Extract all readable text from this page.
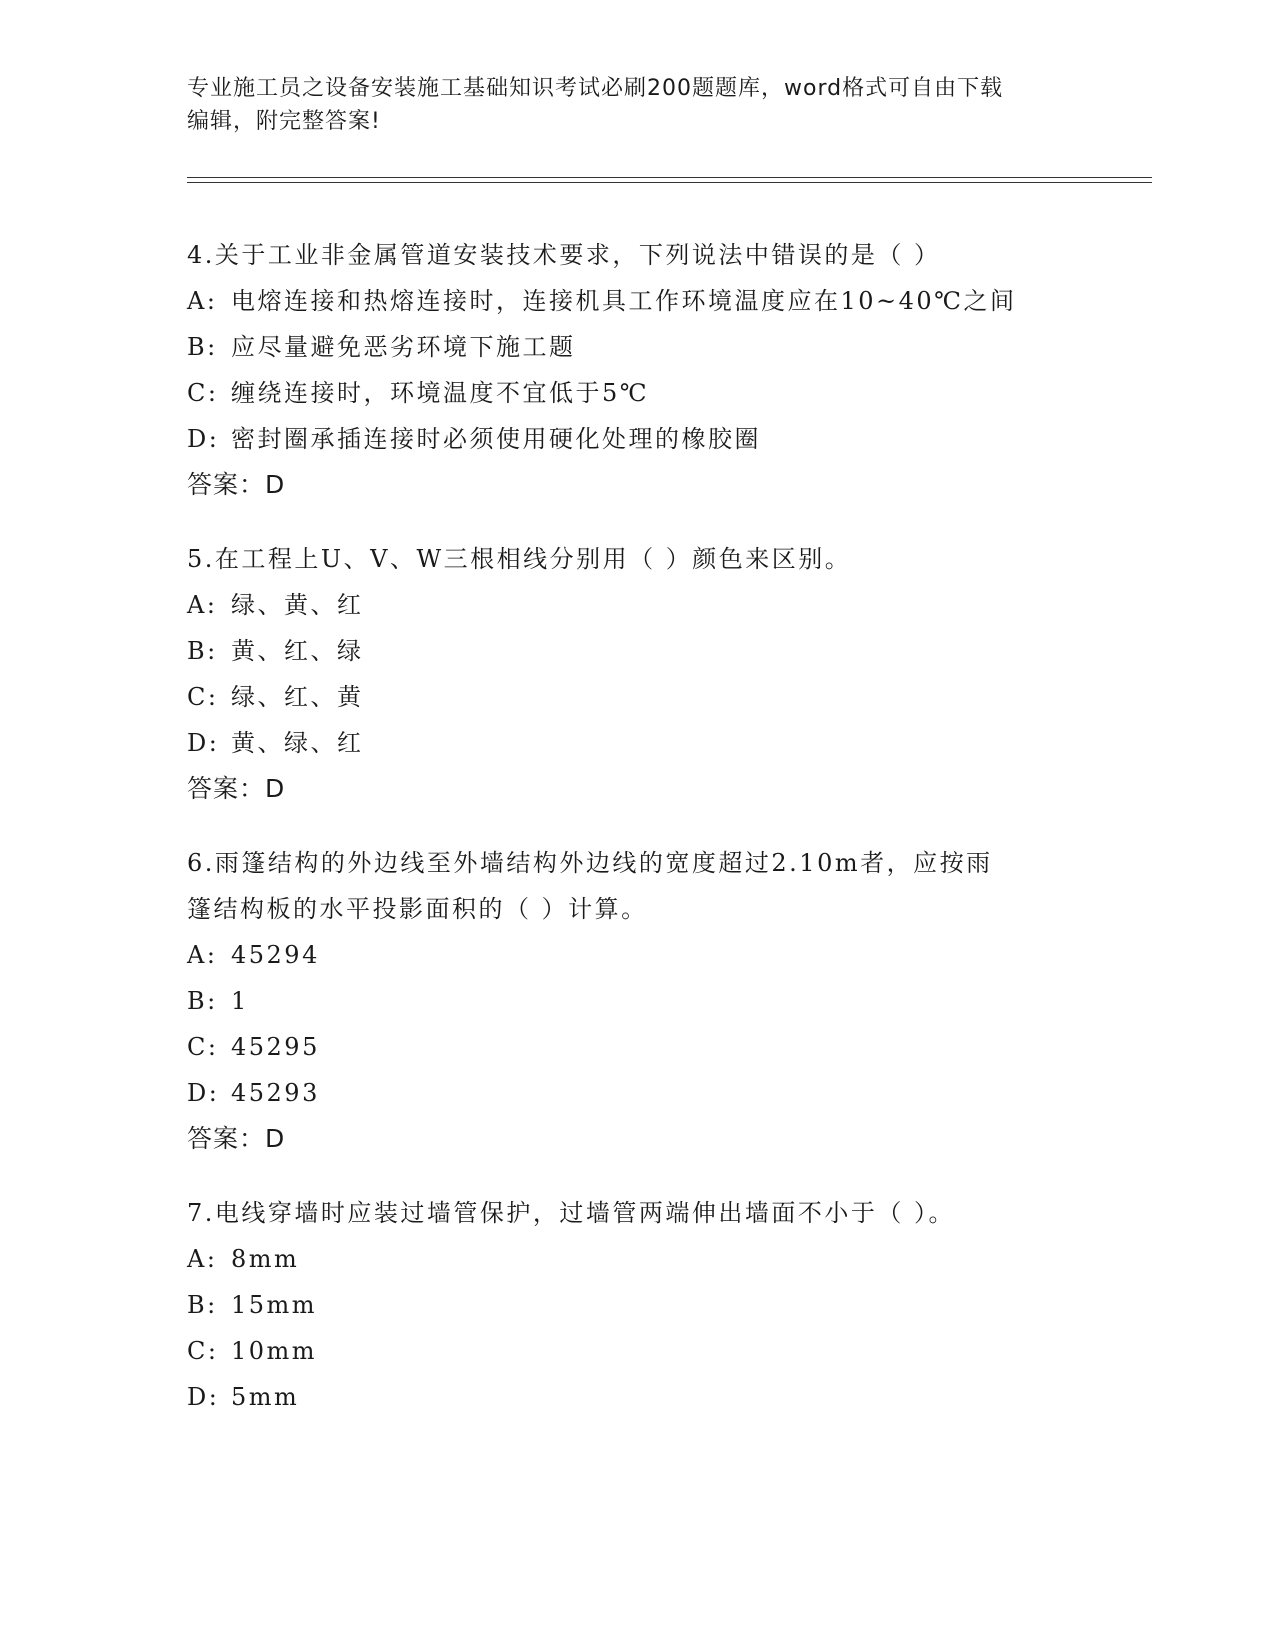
专业施工员之设备安装施工基础知识考试必刷200题题库，word格式可自由下载
编辑，附完整答案!
4.关于工业非金属管道安装技术要求，下列说法中错误的是（ ）
A: 电熔连接和热熔连接时，连接机具工作环境温度应在10~40℃之间
B: 应尽量避免恶劣环境下施工题
C: 缠绕连接时，环境温度不宜低于5℃
D: 密封圈承插连接时必须使用硬化处理的橡胶圈
答案：D
5.在工程上U、V、W三根相线分别用（ ）颜色来区别。
A: 绿、黄、红
B: 黄、红、绿
C: 绿、红、黄
D: 黄、绿、红
答案：D
6.雨篷结构的外边线至外墙结构外边线的宽度超过2.10m者，应按雨
篷结构板的水平投影面积的（ ）计算。
A: 45294
B: 1
C: 45295
D: 45293
答案：D
7.电线穿墙时应装过墙管保护，过墙管两端伸出墙面不小于（ ）。
A: 8mm
B: 15mm
C: 10mm
D: 5mm
